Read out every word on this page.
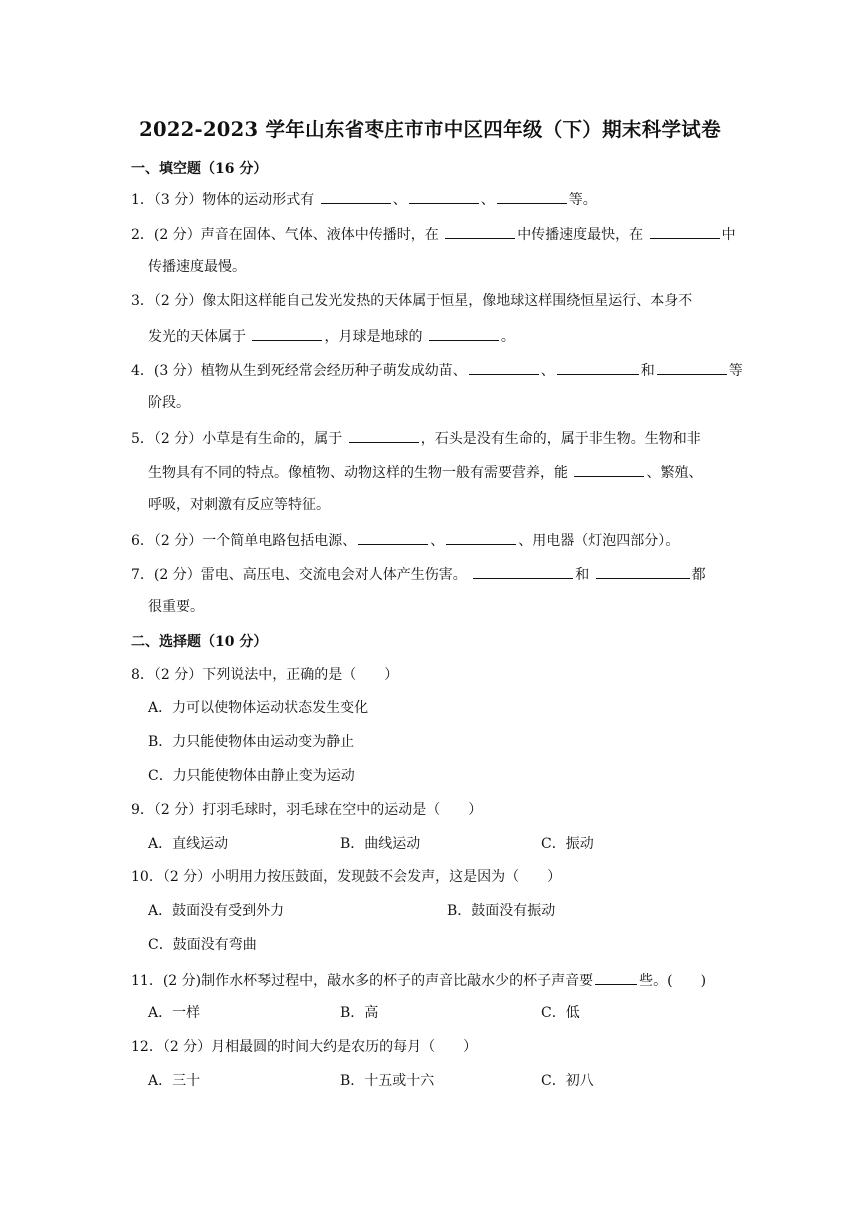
2022-2023 学年山东省枣庄市市中区四年级（下）期末科学试卷
一、填空题（16 分）
1．（3 分）物体的运动形式有	、	、	等。
2．(2 分）声音在固体、气体、液体中传播时，在	中传播速度最快，在	中
传播速度最慢。
3．（2 分）像太阳这样能自己发光发热的天体属于恒星，像地球这样围绕恒星运行、本身不
发光的天体属于	，月球是地球的	。
4．(3 分）植物从生到死经常会经历种子萌发成幼苗、	、	和	等
阶段。
5．（2 分）小草是有生命的，属于	，石头是没有生命的，属于非生物。生物和非
生物具有不同的特点。像植物、动物这样的生物一般有需要营养，能	、繁殖、
呼吸，对刺激有反应等特征。
6．（2 分）一个简单电路包括电源、	、	、用电器（灯泡四部分）。
7．(2 分）雷电、高压电、交流电会对人体产生伤害。	和	都
很重要。
二、选择题（10 分）
8．（2 分）下列说法中，正确的是（　　）
A．力可以使物体运动状态发生变化
B．力只能使物体由运动变为静止
C．力只能使物体由静止变为运动
9．（2 分）打羽毛球时，羽毛球在空中的运动是（　　）
A．直线运动	B．曲线运动	C．振动
10．（2 分）小明用力按压鼓面，发现鼓不会发声，这是因为（　　）
A．鼓面没有受到外力	B．鼓面没有振动
C．鼓面没有弯曲
11．(2 分)制作水杯琴过程中，敲水多的杯子的声音比敲水少的杯子声音要	些。(　　)
A．一样	B．高	C．低
12．（2 分）月相最圆的时间大约是农历的每月（　　）
A．三十	B．十五或十六	C．初八
